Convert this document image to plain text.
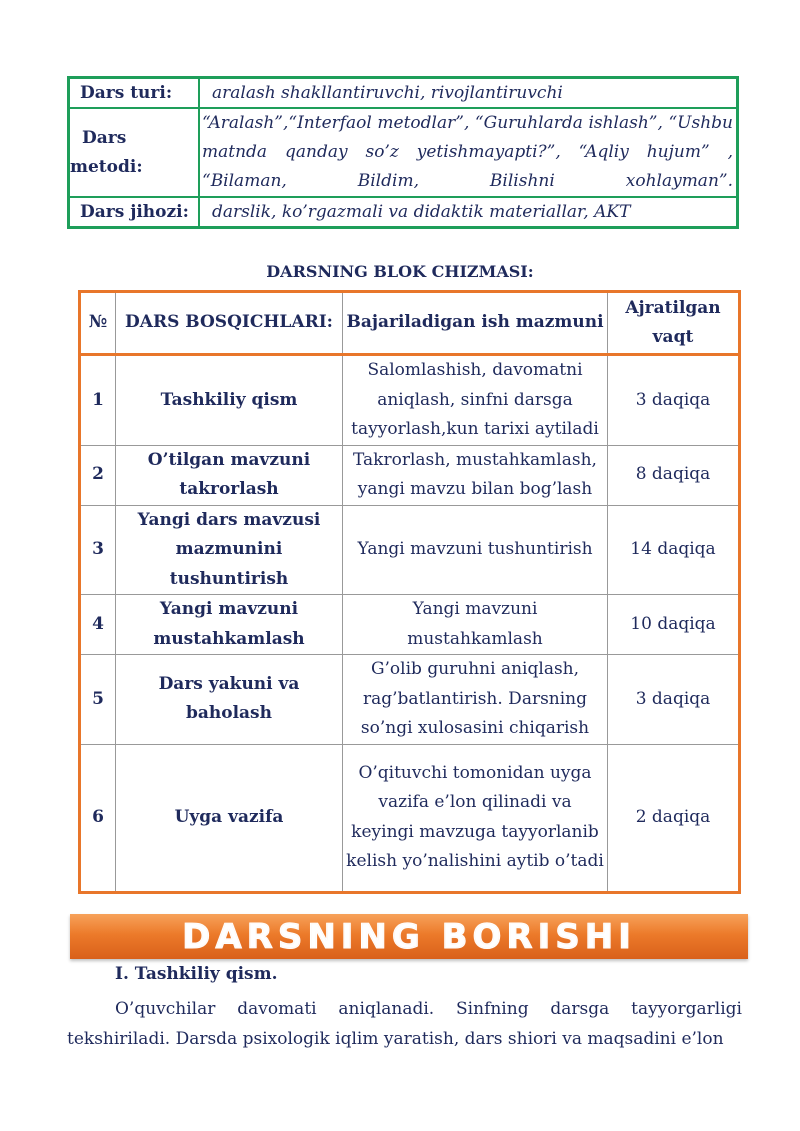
Dars turi:	aralash shakllantiruvchi, rivojlantiruvchi

Dars
metodi:	“Aralash”,“Interfaol metodlar”, “Guruhlarda ishlash”, “Ushbu matnda qanday so’z yetishmayapti?”, “Aqliy hujum” , “Bilaman, Bildim, Bilishni xohlayman”.
Dars jihozi:	darslik, ko’rgazmali va didaktik materiallar, AKT
DARSNING BLOK CHIZMASI:
№	DARS BOSQICHLARI:	Bajariladigan ish mazmuni	Ajratilgan vaqt
1	Tashkiliy qism	Salomlashish, davomatni aniqlash, sinfni darsga tayyorlash,kun tarixi aytiladi	3 daqiqa
2	O’tilgan mavzuni takrorlash	Takrorlash, mustahkamlash, yangi mavzu bilan bog’lash	8 daqiqa
3	Yangi dars mavzusi mazmunini tushuntirish	Yangi mavzuni tushuntirish	14 daqiqa
4	Yangi mavzuni mustahkamlash	Yangi mavzuni mustahkamlash	10 daqiqa
5	Dars yakuni va baholash	G’olib guruhni aniqlash, rag’batlantirish. Darsning so’ngi xulosasini chiqarish	3 daqiqa
6	Uyga vazifa	O’qituvchi tomonidan uyga vazifa e’lon qilinadi va keyingi mavzuga tayyorlanib kelish yo’nalishini aytib o’tadi	2 daqiqa
DARSNING BORISHI
I. Tashkiliy qism.
O’quvchilar davomati aniqlanadi. Sinfning darsga tayyorgarligi tekshiriladi. Darsda psixologik iqlim yaratish, dars shiori va maqsadini e’lon
